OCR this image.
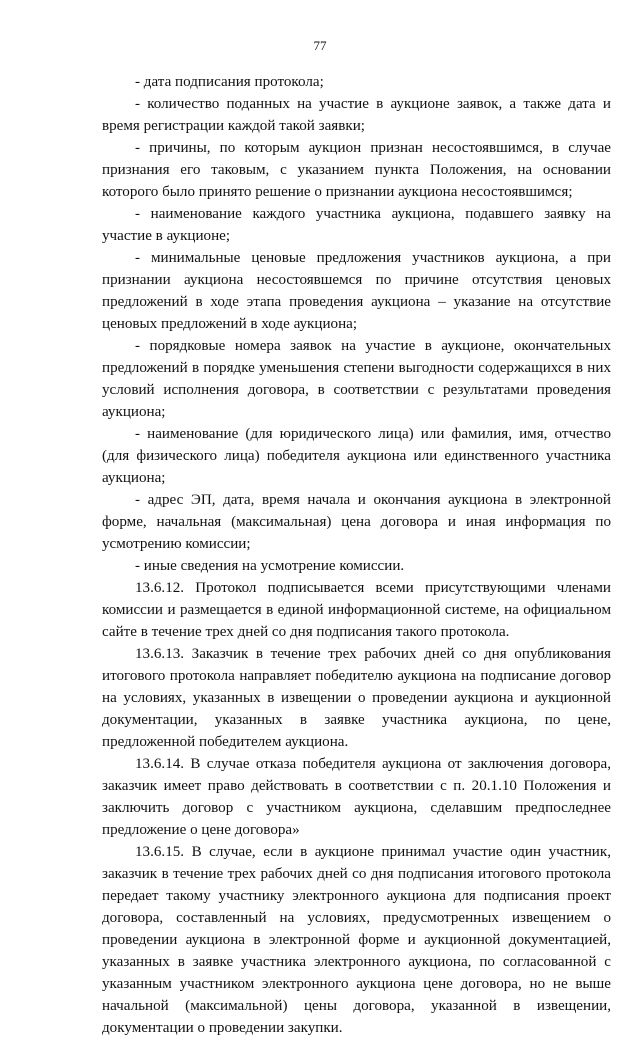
77

- дата подписания протокола;

- количество поданных на участие в аукционе заявок, а также дата и время регистрации каждой такой заявки;

- причины, по которым аукцион признан несостоявшимся, в случае признания его таковым, с указанием пункта Положения, на основании которого было принято решение о признании аукциона несостоявшимся;

- наименование каждого участника аукциона, подавшего заявку на участие в аукционе;

- минимальные ценовые предложения участников аукциона, а при признании аукциона несостоявшемся по причине отсутствия ценовых предложений в ходе этапа проведения аукциона – указание на отсутствие ценовых предложений в ходе аукциона;

- порядковые номера заявок на участие в аукционе, окончательных предложений в порядке уменьшения степени выгодности содержащихся в них условий исполнения договора, в соответствии с результатами проведения аукциона;

- наименование (для юридического лица) или фамилия, имя, отчество (для физического лица) победителя аукциона или единственного участника аукциона;

- адрес ЭП, дата, время начала и окончания аукциона в электронной форме, начальная (максимальная) цена договора и иная информация по усмотрению комиссии;

- иные сведения на усмотрение комиссии.

13.6.12. Протокол подписывается всеми присутствующими членами комиссии и размещается в единой информационной системе, на официальном сайте в течение трех дней со дня подписания такого протокола.

13.6.13. Заказчик в течение трех рабочих дней со дня опубликования итогового протокола направляет победителю аукциона на подписание договор на условиях, указанных в извещении о проведении аукциона и аукционной документации, указанных в заявке участника аукциона, по цене, предложенной победителем аукциона.

13.6.14. В случае отказа победителя аукциона от заключения договора, заказчик имеет право действовать в соответствии с п. 20.1.10 Положения и заключить договор с участником аукциона, сделавшим предпоследнее предложение о цене договора»

13.6.15. В случае, если в аукционе принимал участие один участник, заказчик в течение трех рабочих дней со дня подписания итогового протокола передает такому участнику электронного аукциона для подписания проект договора, составленный на условиях, предусмотренных извещением о проведении аукциона в электронной форме и аукционной документацией, указанных в заявке участника электронного аукциона, по согласованной с указанным участником электронного аукциона цене договора, но не выше начальной (максимальной) цены договора, указанной в извещении, документации о проведении закупки.
